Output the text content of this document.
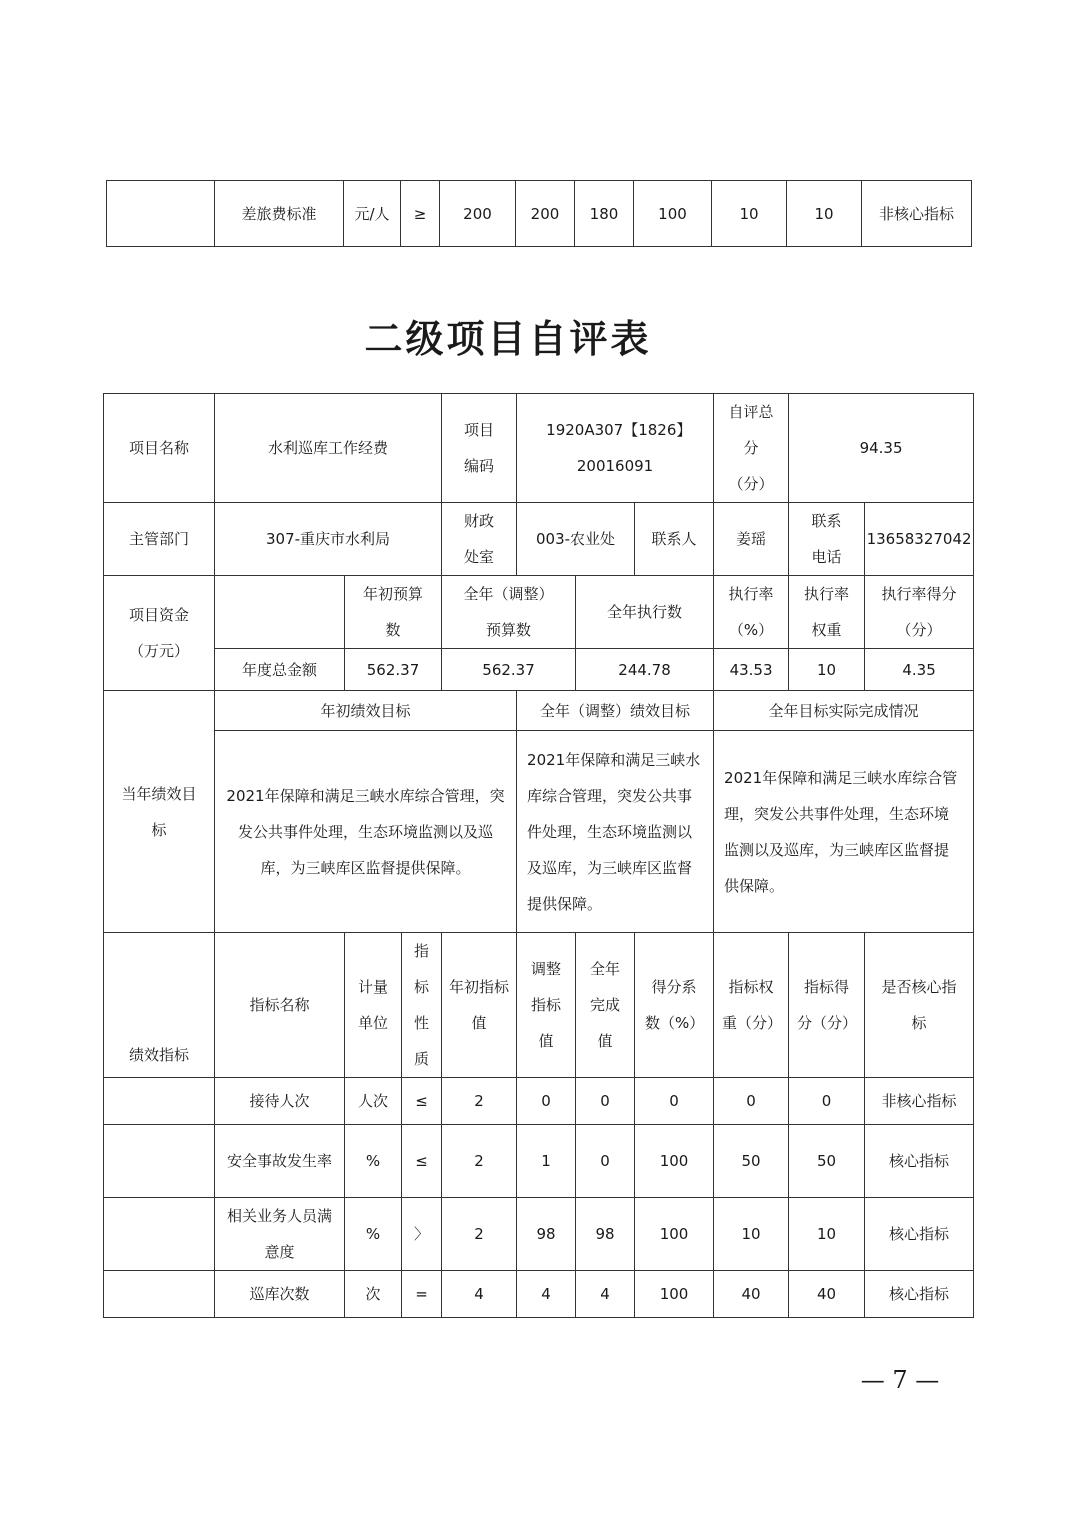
	差旅费标准	元/人	≥	200	200	180	100	10	10	非核心指标
二级项目自评表
项目名称	水利巡库工作经费			项目编码	1920A307【1826】20016091			自评总分（分）	94.35	
主管部门	307-重庆市水利局			财政处室	003-农业处		联系人	姜瑶	联系电话	13658327042
项目资金（万元）		年初预算数		全年（调整）预算数		全年执行数		执行率（%）	执行率权重	执行率得分（分）
	年度总金额	562.37		562.37		244.78		43.53	10	4.35
当年绩效目标	年初绩效目标				全年（调整）绩效目标			全年目标实际完成情况		
	2021年保障和满足三峡水库综合管理，突发公共事件处理，生态环境监测以及巡库，为三峡库区监督提供保障。				2021年保障和满足三峡水库综合管理，突发公共事件处理，生态环境监测以及巡库，为三峡库区监督提供保障。			2021年保障和满足三峡水库综合管理，突发公共事件处理，生态环境监测以及巡库，为三峡库区监督提供保障。		
绩效指标	指标名称	计量单位	指标性质	年初指标值	调整指标值	全年完成值	得分系数（%）	指标权重（分）	指标得分（分）	是否核心指标
	接待人次	人次	≤	2	0	0	0	0	0	非核心指标
	安全事故发生率	%	≤	2	1	0	100	50	50	核心指标
	相关业务人员满意度	%	〉	2	98	98	100	10	10	核心指标
	巡库次数	次	=	4	4	4	100	40	40	核心指标
— 7 —
